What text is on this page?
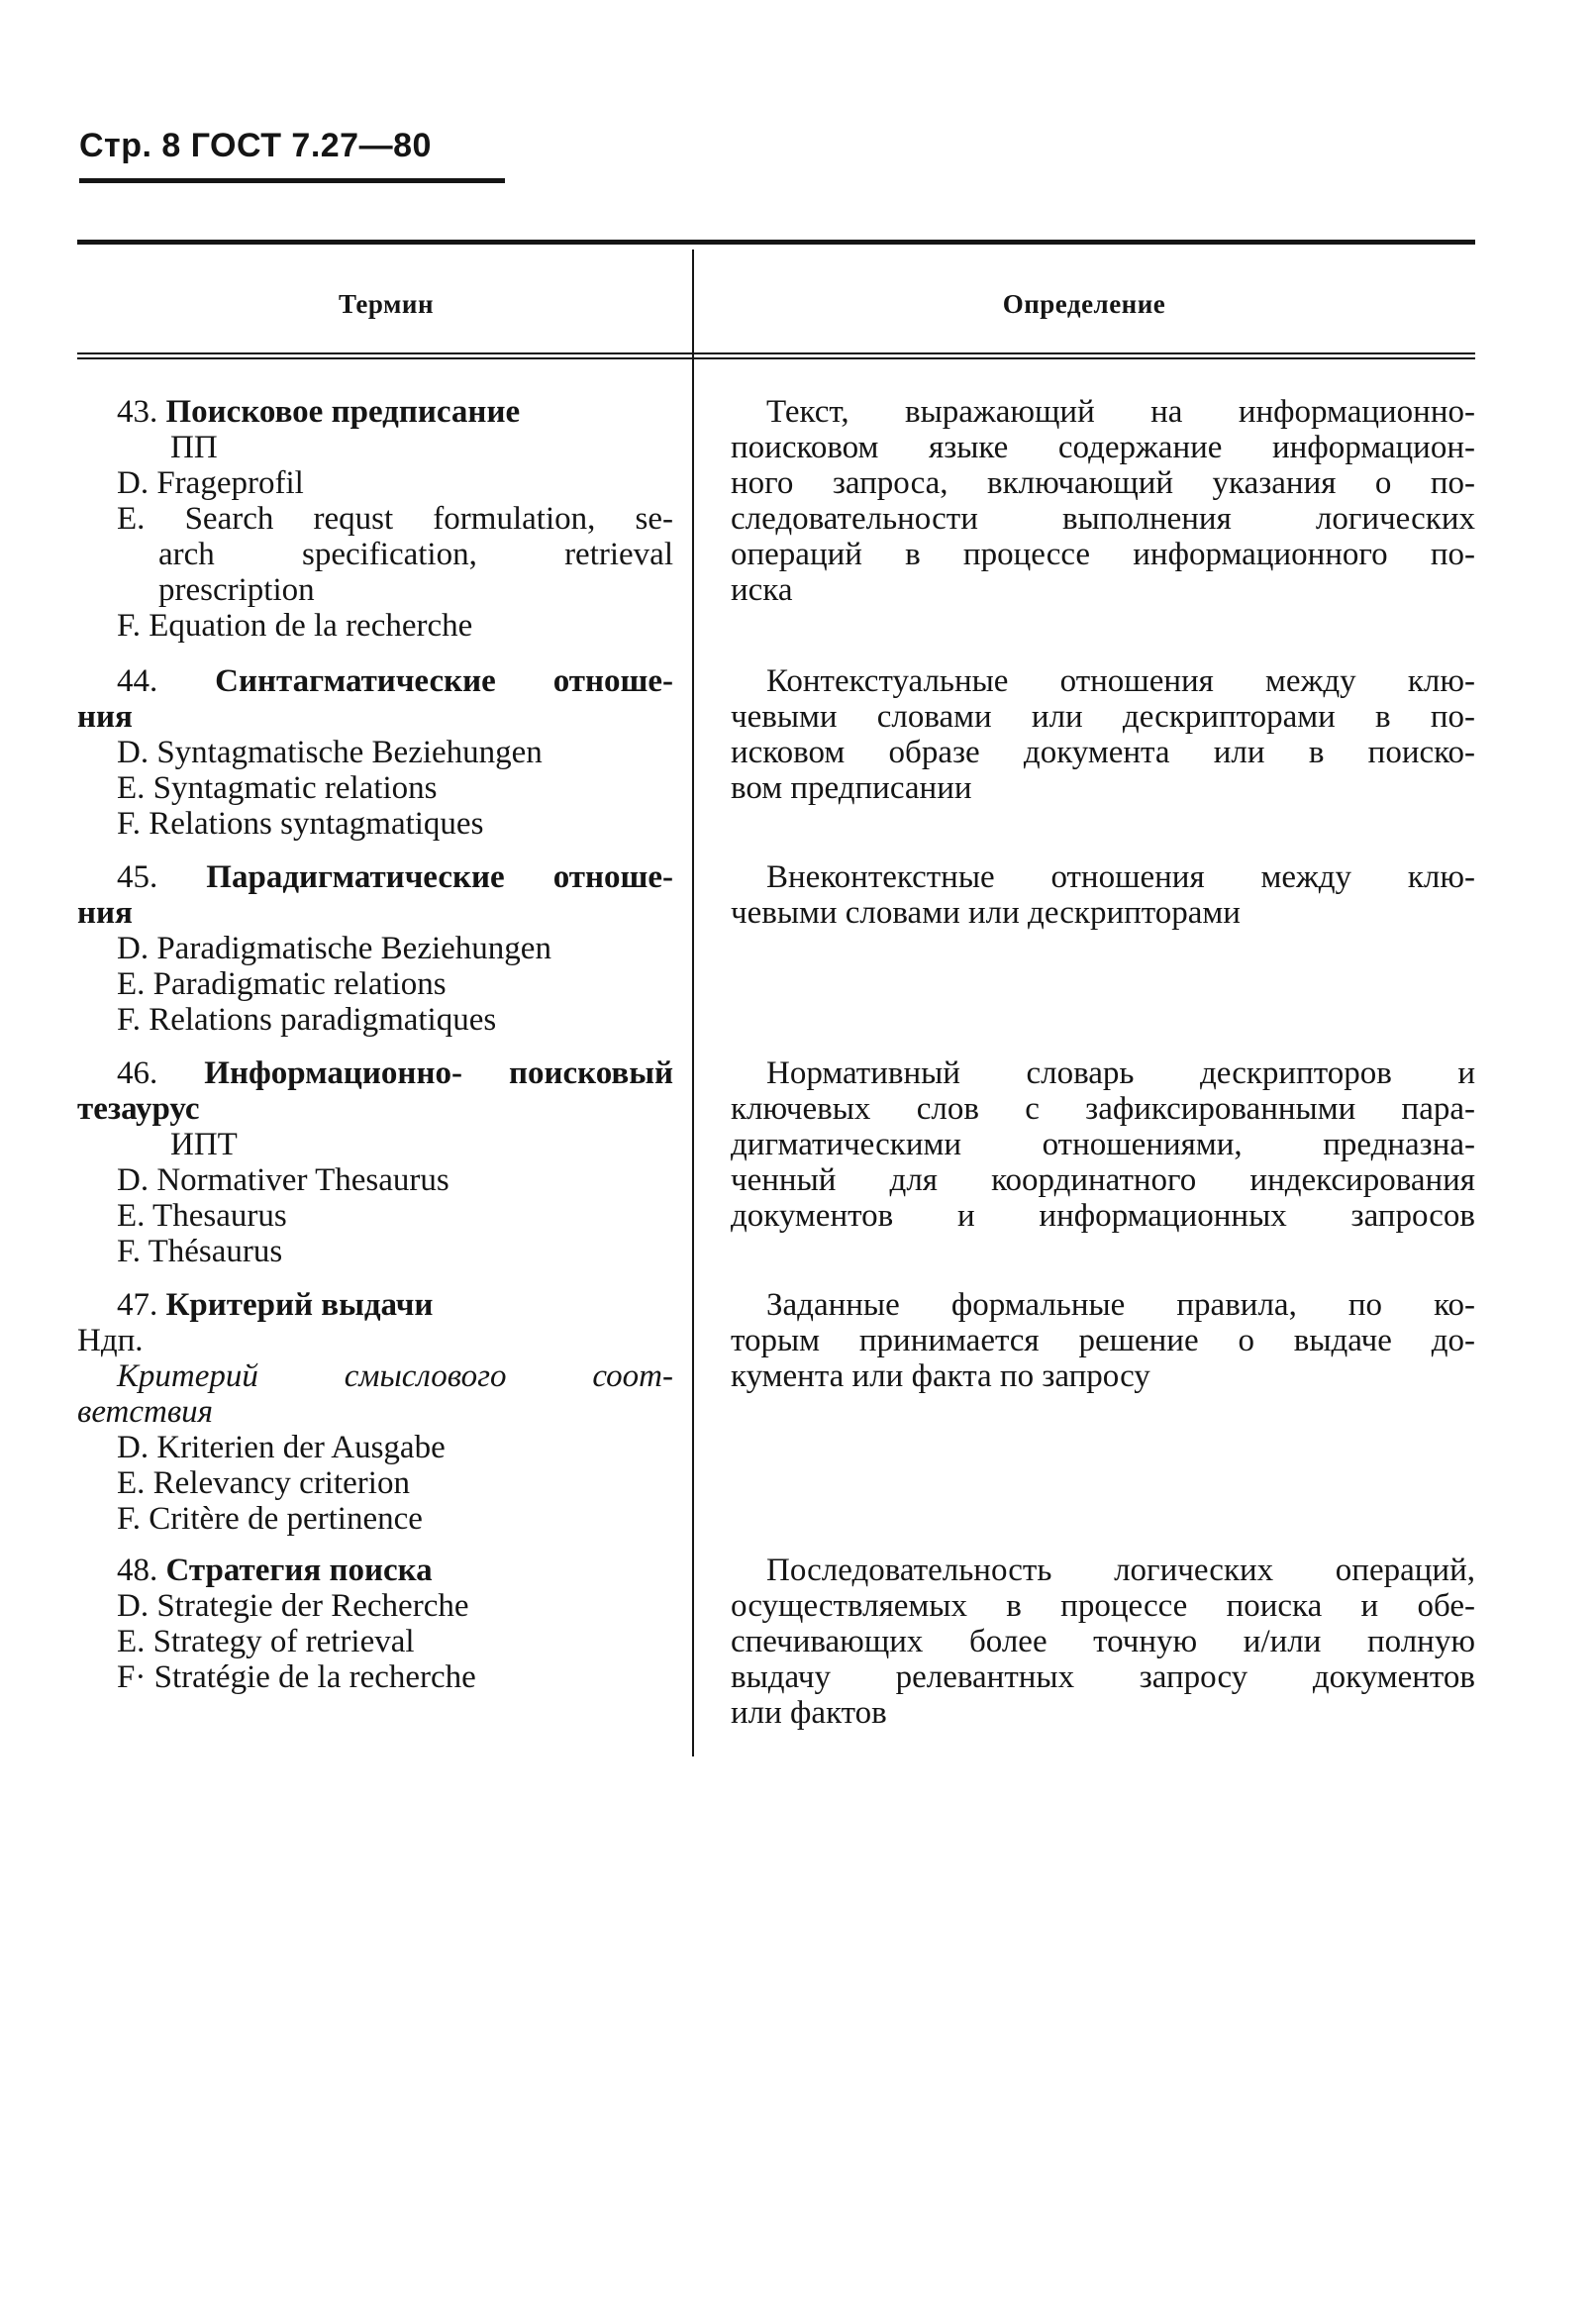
Стр. 8 ГОСТ 7.27—80
Термин	Определение
43. Поисковое предписание
ПП
D. Frageprofil
E. Search requst formulation, se-
arch specification, retrieval
prescription
F. Equation de la recherche
Текст, выражающий на информационно-
поисковом языке содержание информацион-
ного запроса, включающий указания о по-
следовательности выполнения логических
операций в процессе информационного по-
иска
44. Синтагматические отноше-
ния
D. Syntagmatische Beziehungen
E. Syntagmatic relations
F. Relations syntagmatiques
Контекстуальные отношения между клю-
чевыми словами или дескрипторами в по-
исковом образе документа или в поиско-
вом предписании
45. Парадигматические отноше-
ния
D. Paradigmatische Beziehungen
E. Paradigmatic relations
F. Relations paradigmatiques
Внеконтекстные отношения между клю-
чевыми словами или дескрипторами
46. Информационно- поисковый
тезаурус
ИПТ
D. Normativer Thesaurus
E. Thesaurus
F. Thésaurus
Нормативный словарь дескрипторов и
ключевых слов с зафиксированными пара-
дигматическими отношениями, предназна-
ченный для координатного индексирования
документов и информационных запросов
47. Критерий выдачи
Ндп.
Критерий смыслового соот-
ветствия
D. Kriterien der Ausgabe
E. Relevancy criterion
F. Critère de pertinence
Заданные формальные правила, по ко-
торым принимается решение о выдаче до-
кумента или факта по запросу
48. Стратегия поиска
D. Strategie der Recherche
E. Strategy of retrieval
F· Stratégie de la recherche
Последовательность логических операций,
осуществляемых в процессе поиска и обе-
спечивающих более точную и/или полную
выдачу релевантных запросу документов
или фактов
